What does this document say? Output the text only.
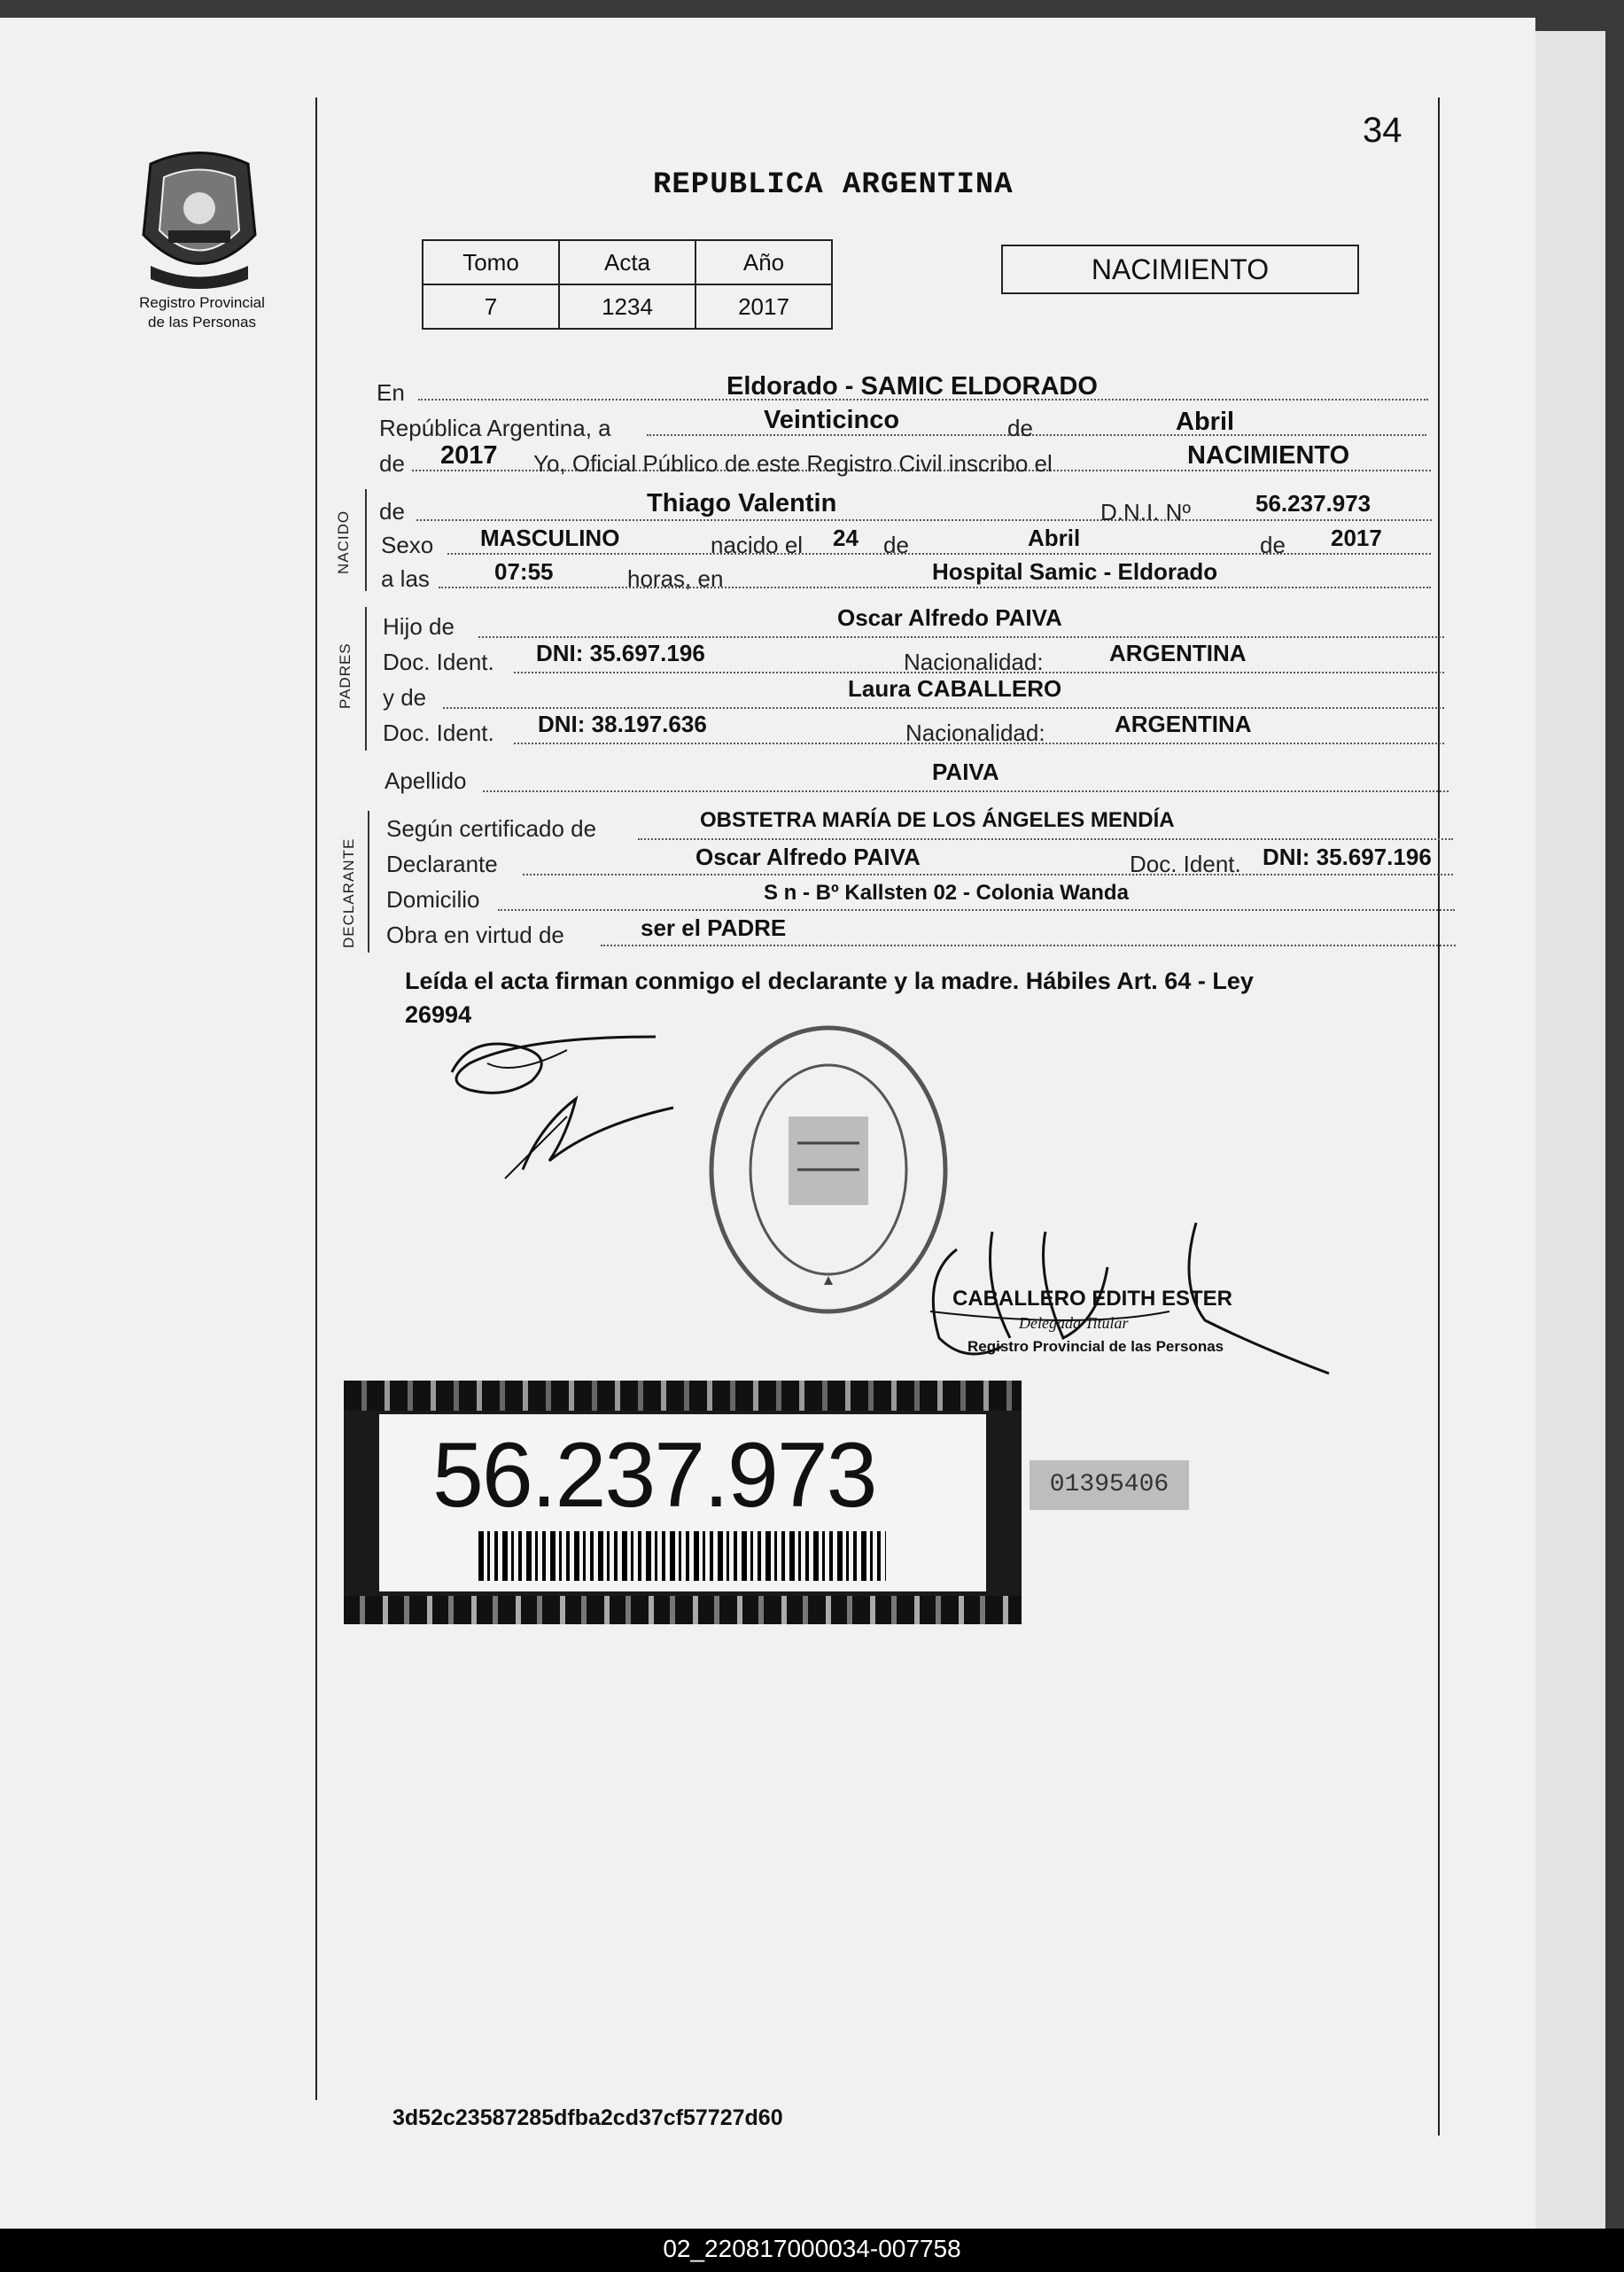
34
Registro Provincial
de las Personas
REPUBLICA ARGENTINA
Tomo	Acta	Año
7	1234	2017
NACIMIENTO
En	Eldorado - SAMIC ELDORADO
República Argentina, a	Veinticinco	de	Abril
de 2017 Yo, Oficial Público de este Registro Civil inscribo el	NACIMIENTO
NACIDO de	Thiago Valentin	D.N.I. Nº	56.237.973
Sexo MASCULINO	nacido el 24 de	Abril	de 2017
a las	07:55	horas, en	Hospital Samic - Eldorado
PADRES
Hijo de	Oscar Alfredo PAIVA
Doc. Ident. DNI: 35.697.196	Nacionalidad:	ARGENTINA
y de	Laura CABALLERO
Doc. Ident. DNI: 38.197.636	Nacionalidad:	ARGENTINA
Apellido	PAIVA
DECLARANTE
Según certificado de	OBSTETRA MARÍA DE LOS ÁNGELES MENDÍA
Declarante	Oscar Alfredo PAIVA	Doc. Ident. DNI: 35.697.196
Domicilio	S n - Bº Kallsten 02 - Colonia Wanda
Obra en virtud de	ser el PADRE
Leída el acta firman conmigo el declarante y la madre. Hábiles Art. 64 - Ley
26994
CABALLERO EDITH ESTER
Delegada Titular
Registro Provincial de las Personas
56.237.973	01395406
3d52c23587285dfba2cd37cf57727d60
02_220817000034-007758
